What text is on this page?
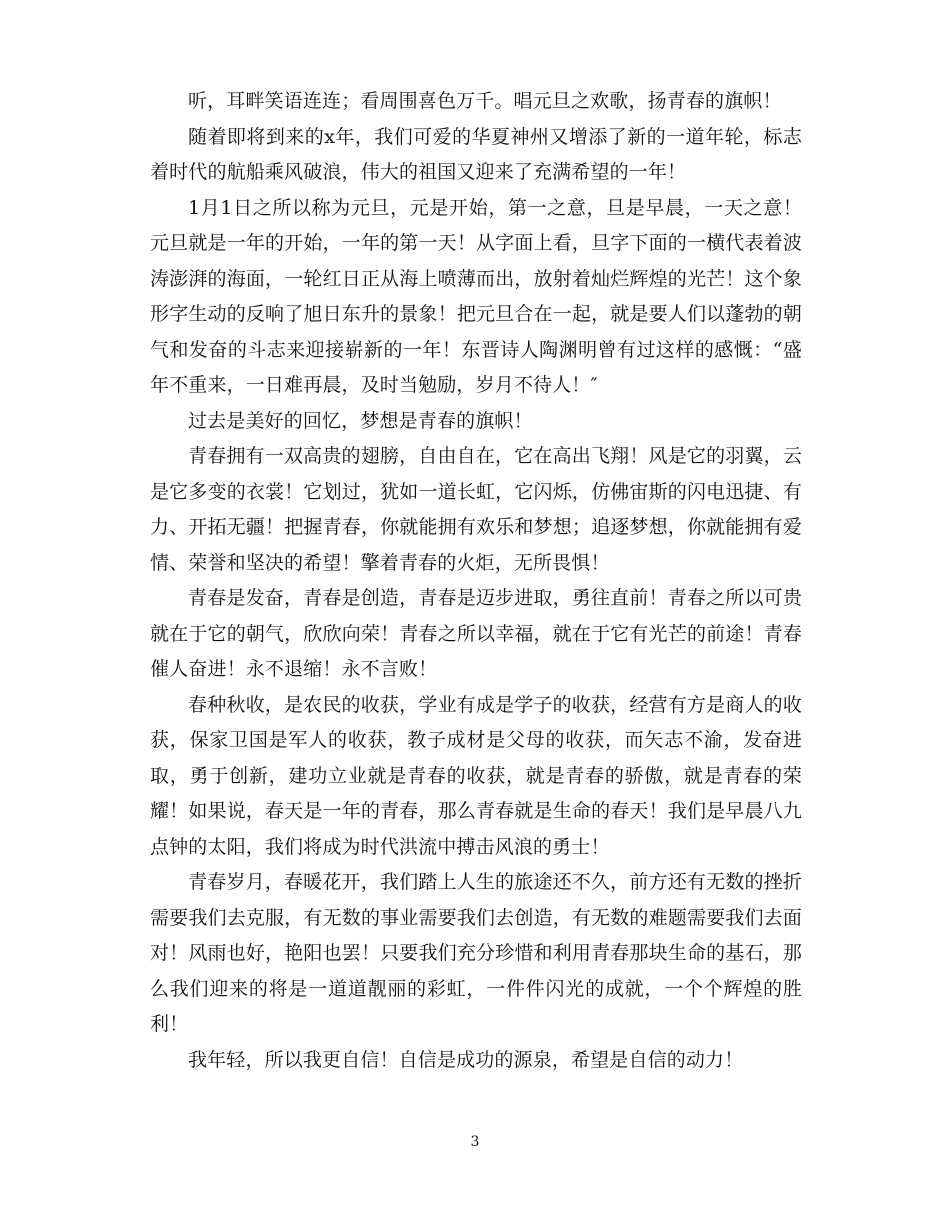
听，耳畔笑语连连；看周围喜色万千。唱元旦之欢歌，扬青春的旗帜！

随着即将到来的x年，我们可爱的华夏神州又增添了新的一道年轮，标志着时代的航船乘风破浪，伟大的祖国又迎来了充满希望的一年！

1月1日之所以称为元旦，元是开始，第一之意，旦是早晨，一天之意！元旦就是一年的开始，一年的第一天！从字面上看，旦字下面的一横代表着波涛澎湃的海面，一轮红日正从海上喷薄而出，放射着灿烂辉煌的光芒！这个象形字生动的反响了旭日东升的景象！把元旦合在一起，就是要人们以蓬勃的朝气和发奋的斗志来迎接崭新的一年！东晋诗人陶渊明曾有过这样的感慨：“盛年不重来，一日难再晨，及时当勉励，岁月不待人！″

过去是美好的回忆，梦想是青春的旗帜！

青春拥有一双高贵的翅膀，自由自在，它在高出飞翔！风是它的羽翼，云是它多变的衣裳！它划过，犹如一道长虹，它闪烁，仿佛宙斯的闪电迅捷、有力、开拓无疆！把握青春，你就能拥有欢乐和梦想；追逐梦想，你就能拥有爱情、荣誉和坚决的希望！擎着青春的火炬，无所畏惧！

青春是发奋，青春是创造，青春是迈步进取，勇往直前！青春之所以可贵就在于它的朝气，欣欣向荣！青春之所以幸福，就在于它有光芒的前途！青春催人奋进！永不退缩！永不言败！

春种秋收，是农民的收获，学业有成是学子的收获，经营有方是商人的收获，保家卫国是军人的收获，教子成材是父母的收获，而矢志不渝，发奋进取，勇于创新，建功立业就是青春的收获，就是青春的骄傲，就是青春的荣耀！如果说，春天是一年的青春，那么青春就是生命的春天！我们是早晨八九点钟的太阳，我们将成为时代洪流中搏击风浪的勇士！

青春岁月，春暖花开，我们踏上人生的旅途还不久，前方还有无数的挫折需要我们去克服，有无数的事业需要我们去创造，有无数的难题需要我们去面对！风雨也好，艳阳也罢！只要我们充分珍惜和利用青春那块生命的基石，那么我们迎来的将是一道道靓丽的彩虹，一件件闪光的成就，一个个辉煌的胜利！

我年轻，所以我更自信！自信是成功的源泉，希望是自信的动力！

3
